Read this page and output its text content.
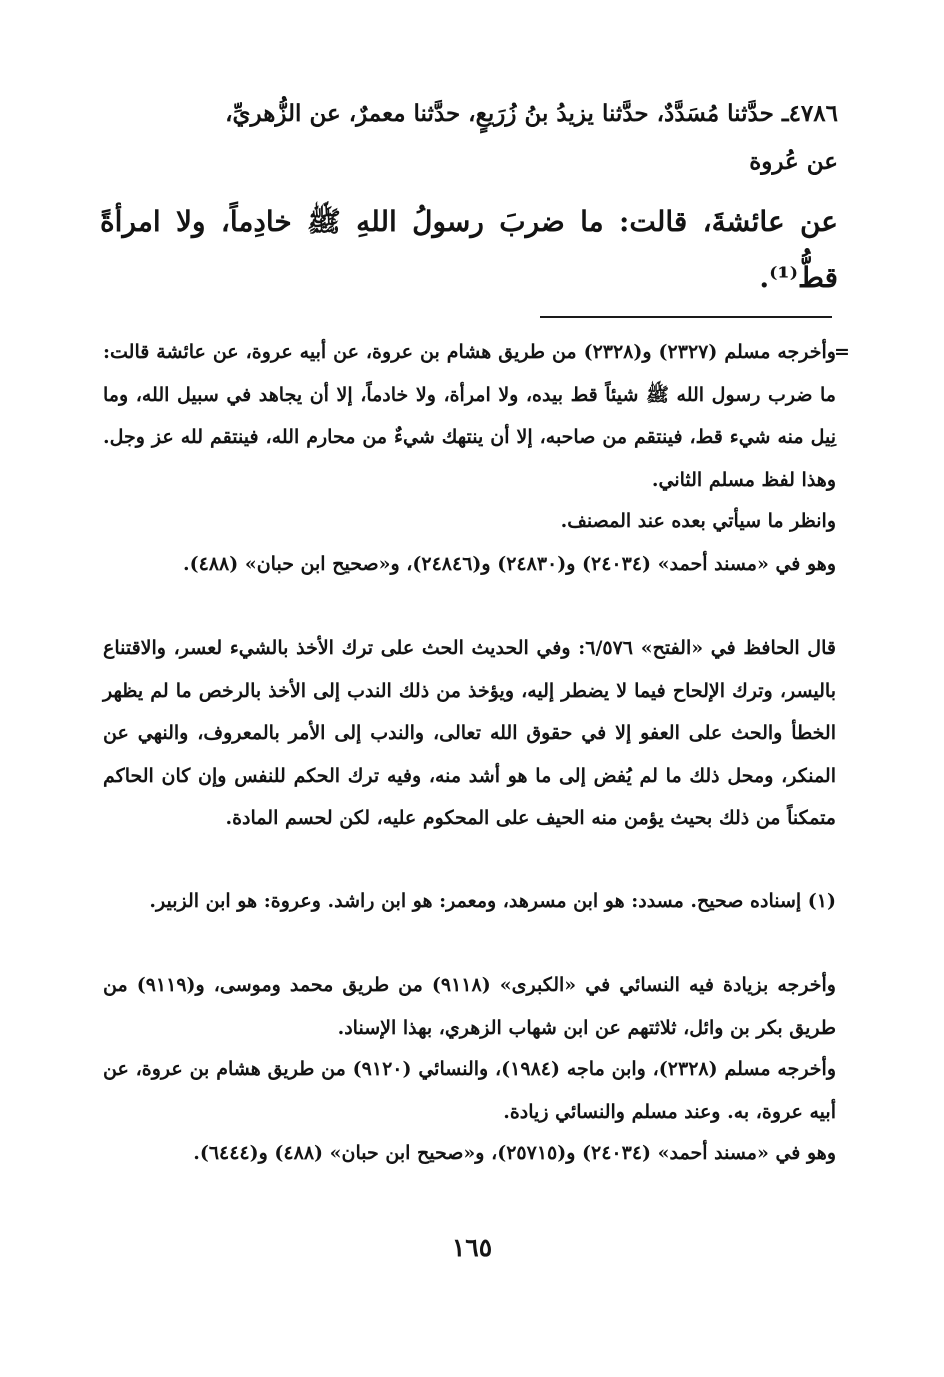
٤٧٨٦ـ حدَّثنا مُسَدَّدٌ، حدَّثنا يزيدُ بنُ زُرَيعٍ، حدَّثنا معمرٌ، عن الزُّهريِّ،
عن عُروة
عن عائشةَ، قالت: ما ضربَ رسولُ اللهِ ﷺ خادِماً، ولا امرأةً قطُّ⁽¹⁾.
=
وأخرجه مسلم (٢٣٢٧) و(٢٣٢٨) من طريق هشام بن عروة، عن أبيه عروة، عن عائشة قالت: ما ضرب رسول الله ﷺ شيئاً قط بيده، ولا امرأة، ولا خادماً، إلا أن يجاهد في سبيل الله، وما نِيل منه شيء قط، فينتقم من صاحبه، إلا أن ينتهك شيءٌ من محارم الله، فينتقم لله عز وجل. وهذا لفظ مسلم الثاني.
وانظر ما سيأتي بعده عند المصنف.
وهو في «مسند أحمد» (٢٤٠٣٤) و(٢٤٨٣٠) و(٢٤٨٤٦)، و«صحيح ابن حبان» (٤٨٨).
قال الحافظ في «الفتح» ٦/٥٧٦: وفي الحديث الحث على ترك الأخذ بالشيء لعسر، والاقتناع باليسر، وترك الإلحاح فيما لا يضطر إليه، ويؤخذ من ذلك الندب إلى الأخذ بالرخص ما لم يظهر الخطأ والحث على العفو إلا في حقوق الله تعالى، والندب إلى الأمر بالمعروف، والنهي عن المنكر، ومحل ذلك ما لم يُفض إلى ما هو أشد منه، وفيه ترك الحكم للنفس وإن كان الحاكم متمكناً من ذلك بحيث يؤمن منه الحيف على المحكوم عليه، لكن لحسم المادة.
(١) إسناده صحيح. مسدد: هو ابن مسرهد، ومعمر: هو ابن راشد. وعروة: هو ابن الزبير.
وأخرجه بزيادة فيه النسائي في «الكبرى» (٩١١٨) من طريق محمد وموسى، و(٩١١٩) من طريق بكر بن وائل، ثلاثتهم عن ابن شهاب الزهري، بهذا الإسناد.
وأخرجه مسلم (٢٣٢٨)، وابن ماجه (١٩٨٤)، والنسائي (٩١٢٠) من طريق هشام بن عروة، عن أبيه عروة، به. وعند مسلم والنسائي زيادة.
وهو في «مسند أحمد» (٢٤٠٣٤) و(٢٥٧١٥)، و«صحيح ابن حبان» (٤٨٨) و(٦٤٤٤).
١٦٥
